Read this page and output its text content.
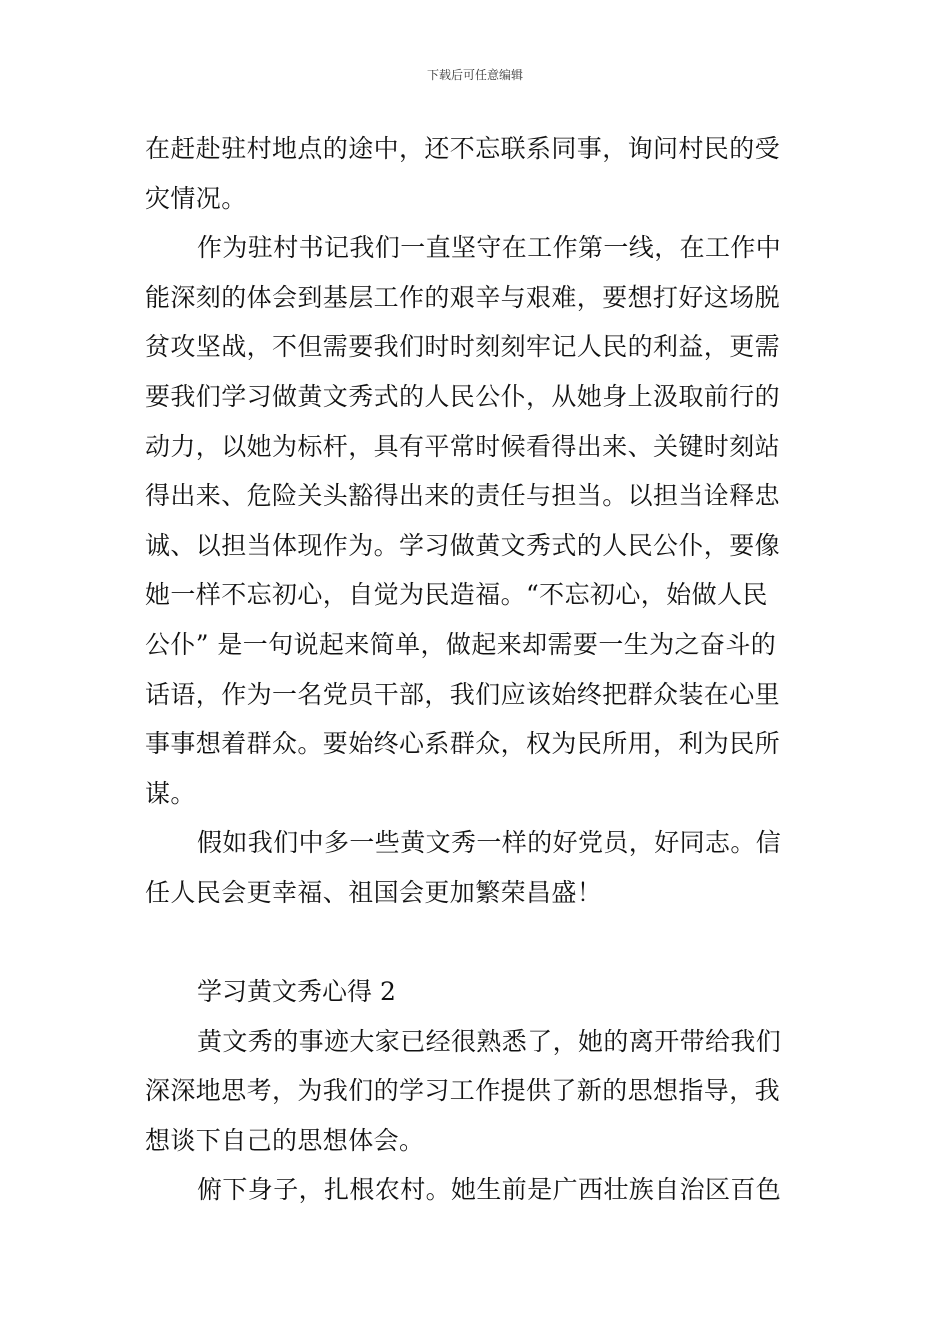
下载后可任意编辑
在赶赴驻村地点的途中，还不忘联系同事，询问村民的受
灾情况。
作为驻村书记我们一直坚守在工作第一线，在工作中
能深刻的体会到基层工作的艰辛与艰难，要想打好这场脱
贫攻坚战，不但需要我们时时刻刻牢记人民的利益，更需
要我们学习做黄文秀式的人民公仆，从她身上汲取前行的
动力，以她为标杆，具有平常时候看得出来、关键时刻站
得出来、危险关头豁得出来的责任与担当。以担当诠释忠
诚、以担当体现作为。学习做黄文秀式的人民公仆，要像
她一样不忘初心，自觉为民造福。“不忘初心，始做人民
公仆” 是一句说起来简单，做起来却需要一生为之奋斗的
话语，作为一名党员干部，我们应该始终把群众装在心里
事事想着群众。要始终心系群众，权为民所用，利为民所
谋。
假如我们中多一些黄文秀一样的好党员，好同志。信
任人民会更幸福、祖国会更加繁荣昌盛！
学习黄文秀心得 2
黄文秀的事迹大家已经很熟悉了，她的离开带给我们
深深地思考，为我们的学习工作提供了新的思想指导，我
想谈下自己的思想体会。
俯下身子，扎根农村。她生前是广西壮族自治区百色
